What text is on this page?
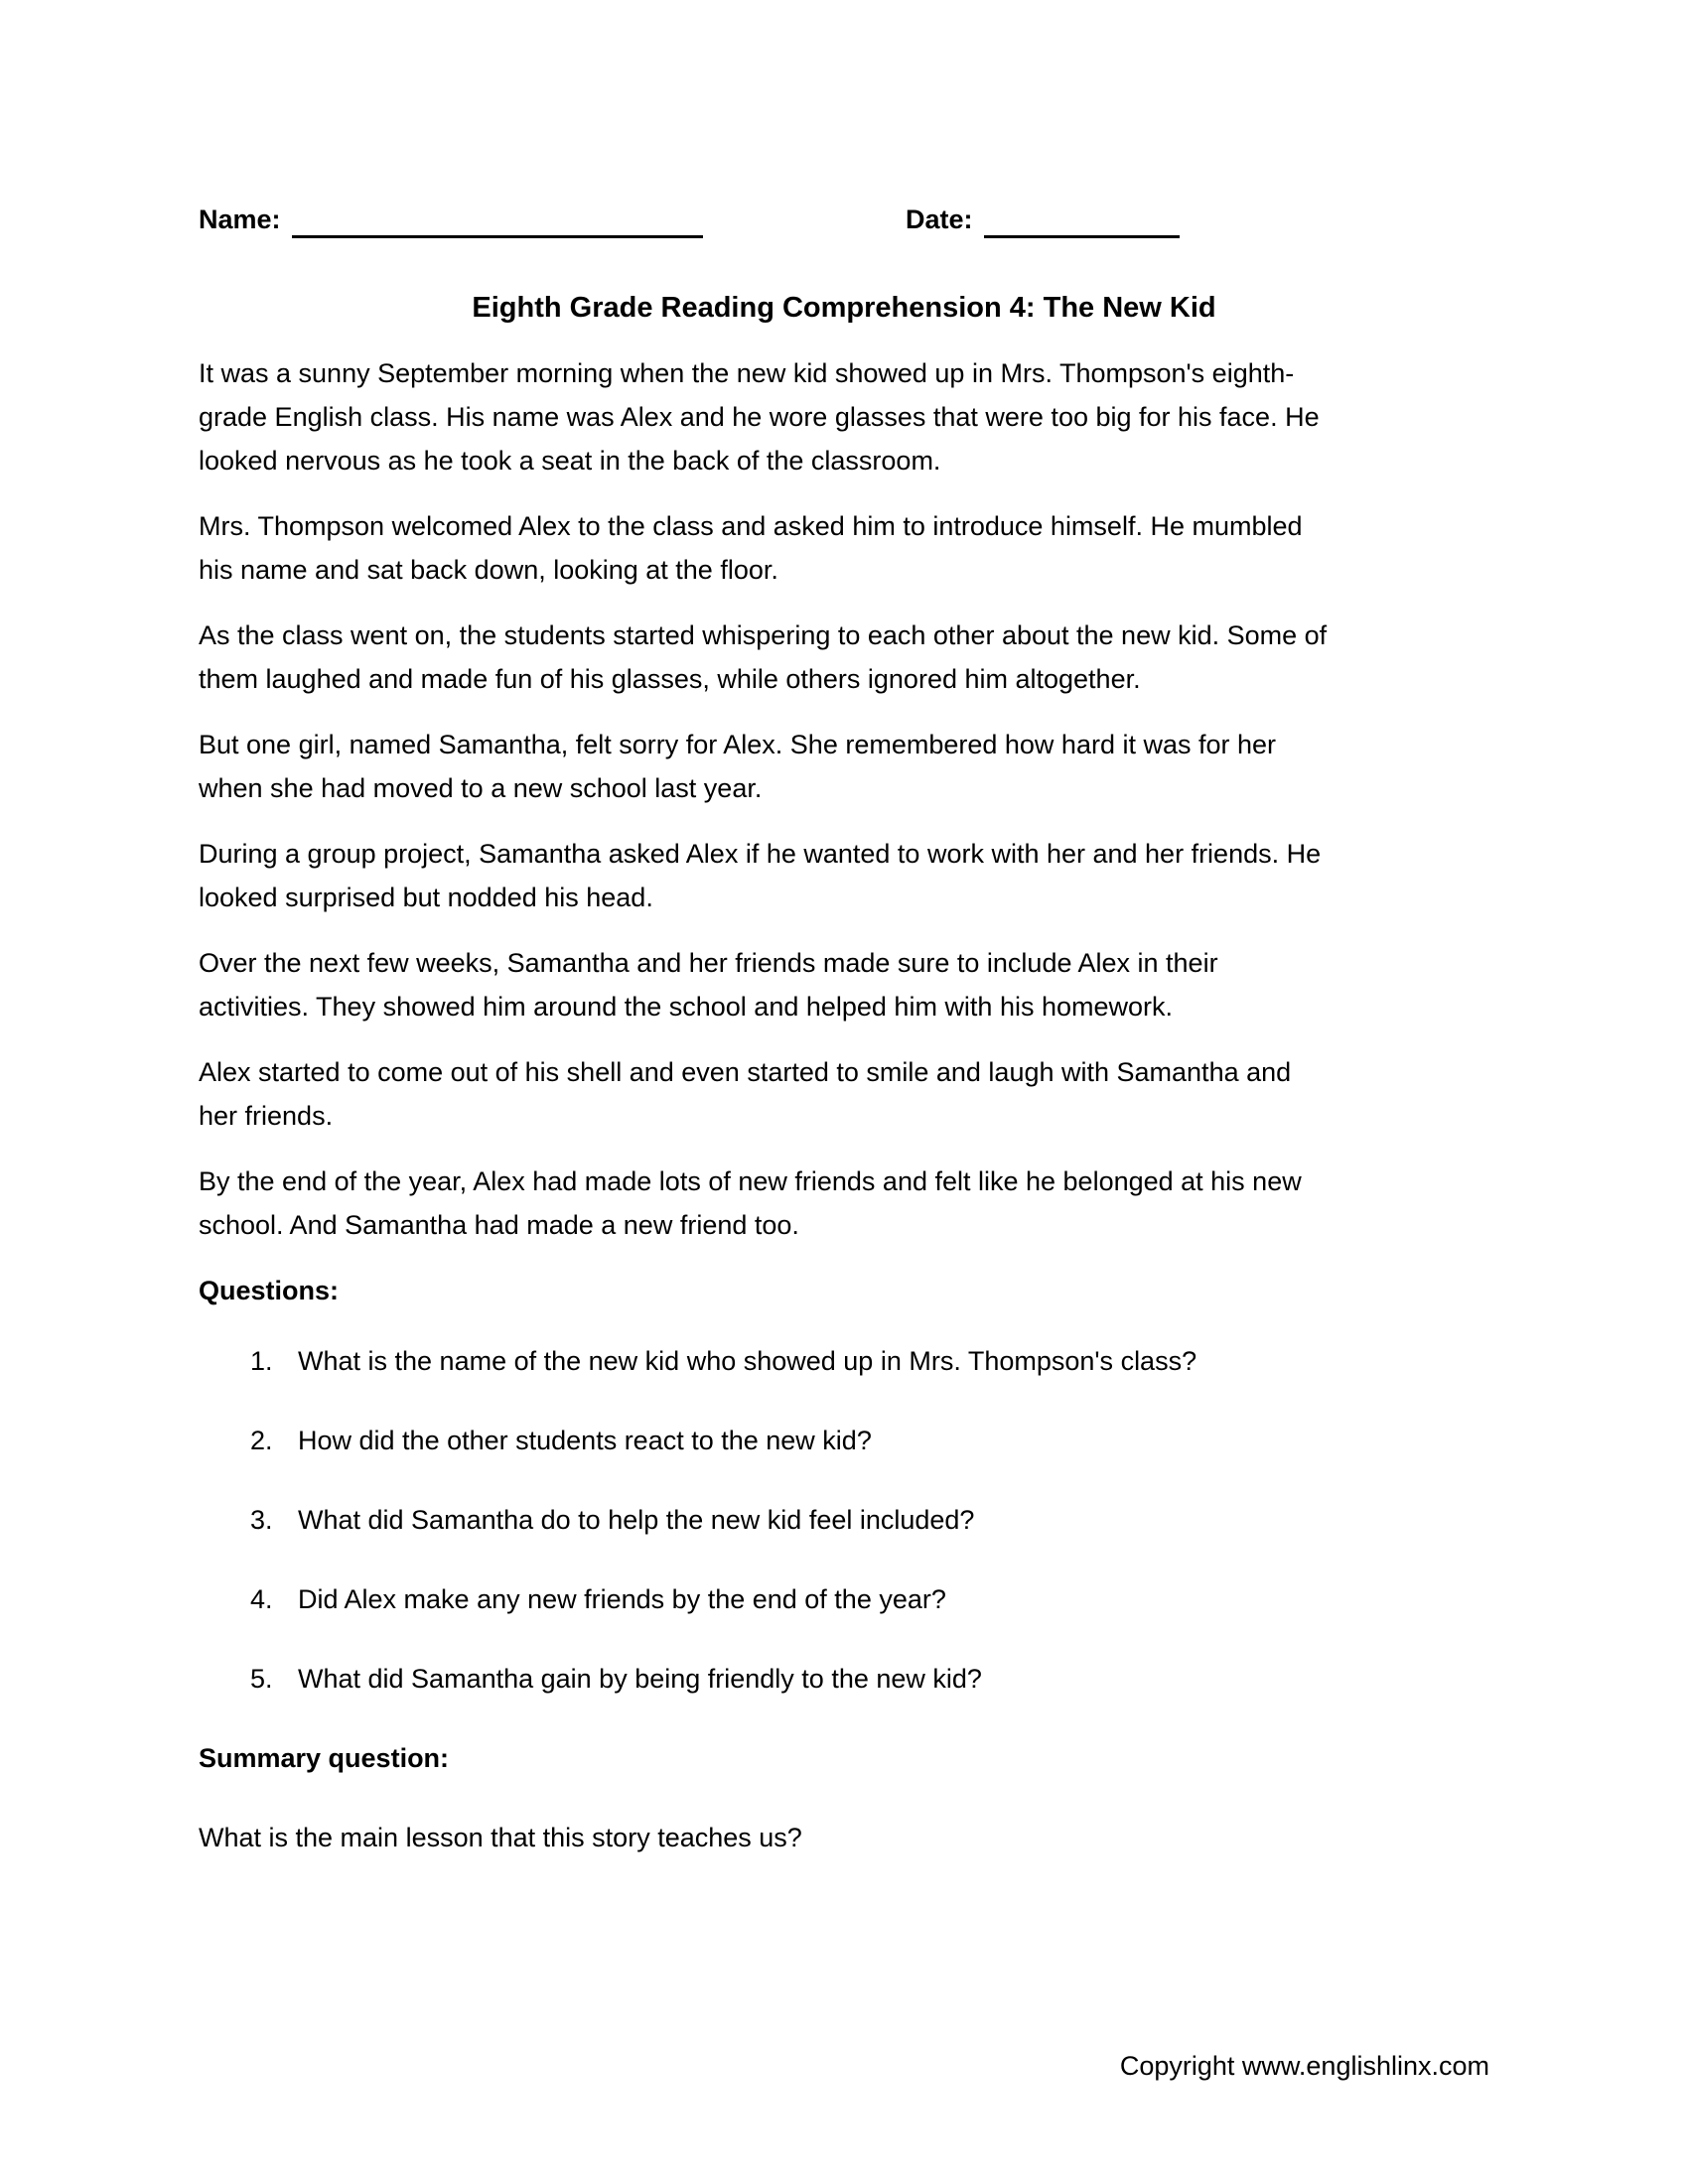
Name:	Date:
Eighth Grade Reading Comprehension 4: The New Kid
It was a sunny September morning when the new kid showed up in Mrs. Thompson's eighth-
grade English class. His name was Alex and he wore glasses that were too big for his face. He
looked nervous as he took a seat in the back of the classroom.
Mrs. Thompson welcomed Alex to the class and asked him to introduce himself. He mumbled
his name and sat back down, looking at the floor.
As the class went on, the students started whispering to each other about the new kid. Some of
them laughed and made fun of his glasses, while others ignored him altogether.
But one girl, named Samantha, felt sorry for Alex. She remembered how hard it was for her
when she had moved to a new school last year.
During a group project, Samantha asked Alex if he wanted to work with her and her friends. He
looked surprised but nodded his head.
Over the next few weeks, Samantha and her friends made sure to include Alex in their
activities. They showed him around the school and helped him with his homework.
Alex started to come out of his shell and even started to smile and laugh with Samantha and
her friends.
By the end of the year, Alex had made lots of new friends and felt like he belonged at his new
school. And Samantha had made a new friend too.
Questions:
1. What is the name of the new kid who showed up in Mrs. Thompson's class?
2. How did the other students react to the new kid?
3. What did Samantha do to help the new kid feel included?
4. Did Alex make any new friends by the end of the year?
5. What did Samantha gain by being friendly to the new kid?
Summary question:
What is the main lesson that this story teaches us?
Copyright www.englishlinx.com
